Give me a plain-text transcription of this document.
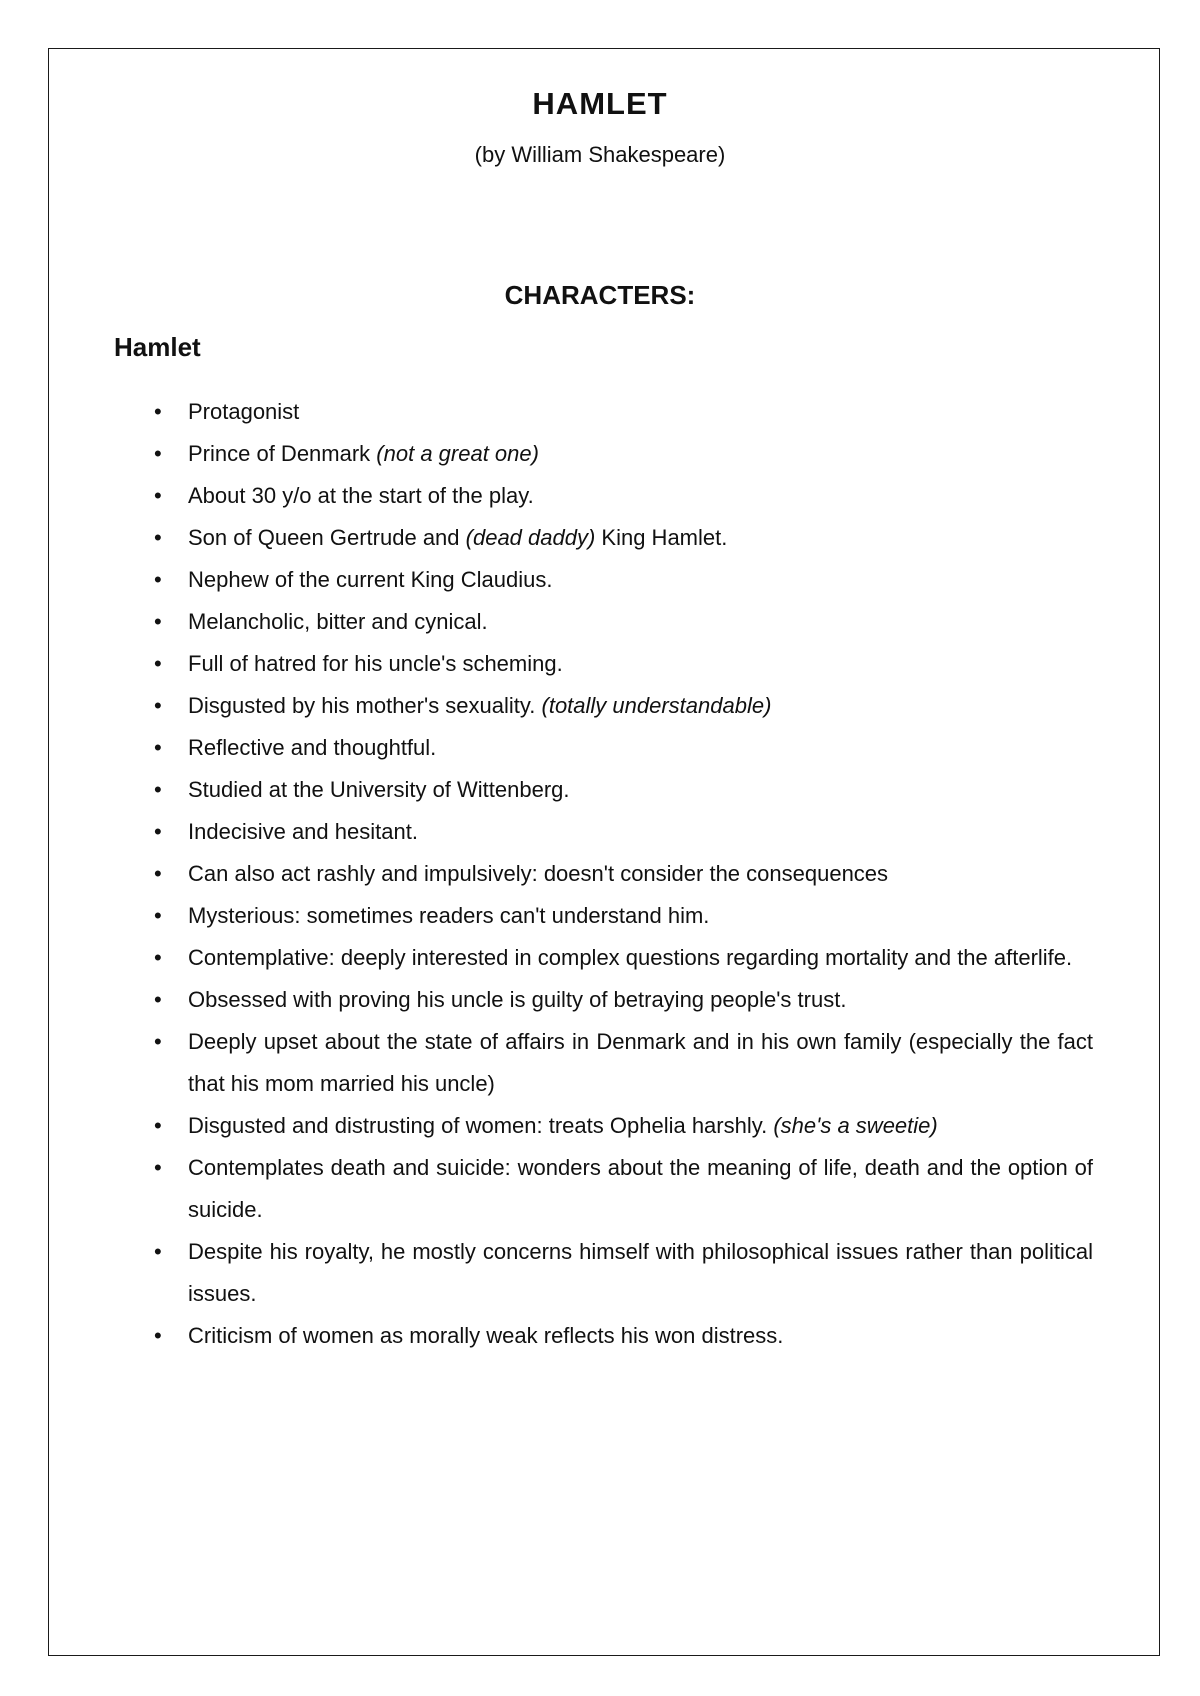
HAMLET

(by William Shakespeare)

CHARACTERS:
Hamlet
• Protagonist
• Prince of Denmark (not a great one)
• About 30 y/o at the start of the play.
• Son of Queen Gertrude and (dead daddy) King Hamlet.
• Nephew of the current King Claudius.
• Melancholic, bitter and cynical.
• Full of hatred for his uncle's scheming.
• Disgusted by his mother's sexuality. (totally understandable)
• Reflective and thoughtful.
• Studied at the University of Wittenberg.
• Indecisive and hesitant.
• Can also act rashly and impulsively: doesn't consider the consequences
• Mysterious: sometimes readers can't understand him.
• Contemplative: deeply interested in complex questions regarding mortality and the afterlife.
• Obsessed with proving his uncle is guilty of betraying people's trust.
• Deeply upset about the state of affairs in Denmark and in his own family (especially the fact that his mom married his uncle)
• Disgusted and distrusting of women: treats Ophelia harshly. (she's a sweetie)
• Contemplates death and suicide: wonders about the meaning of life, death and the option of suicide.
• Despite his royalty, he mostly concerns himself with philosophical issues rather than political issues.
• Criticism of women as morally weak reflects his won distress.
